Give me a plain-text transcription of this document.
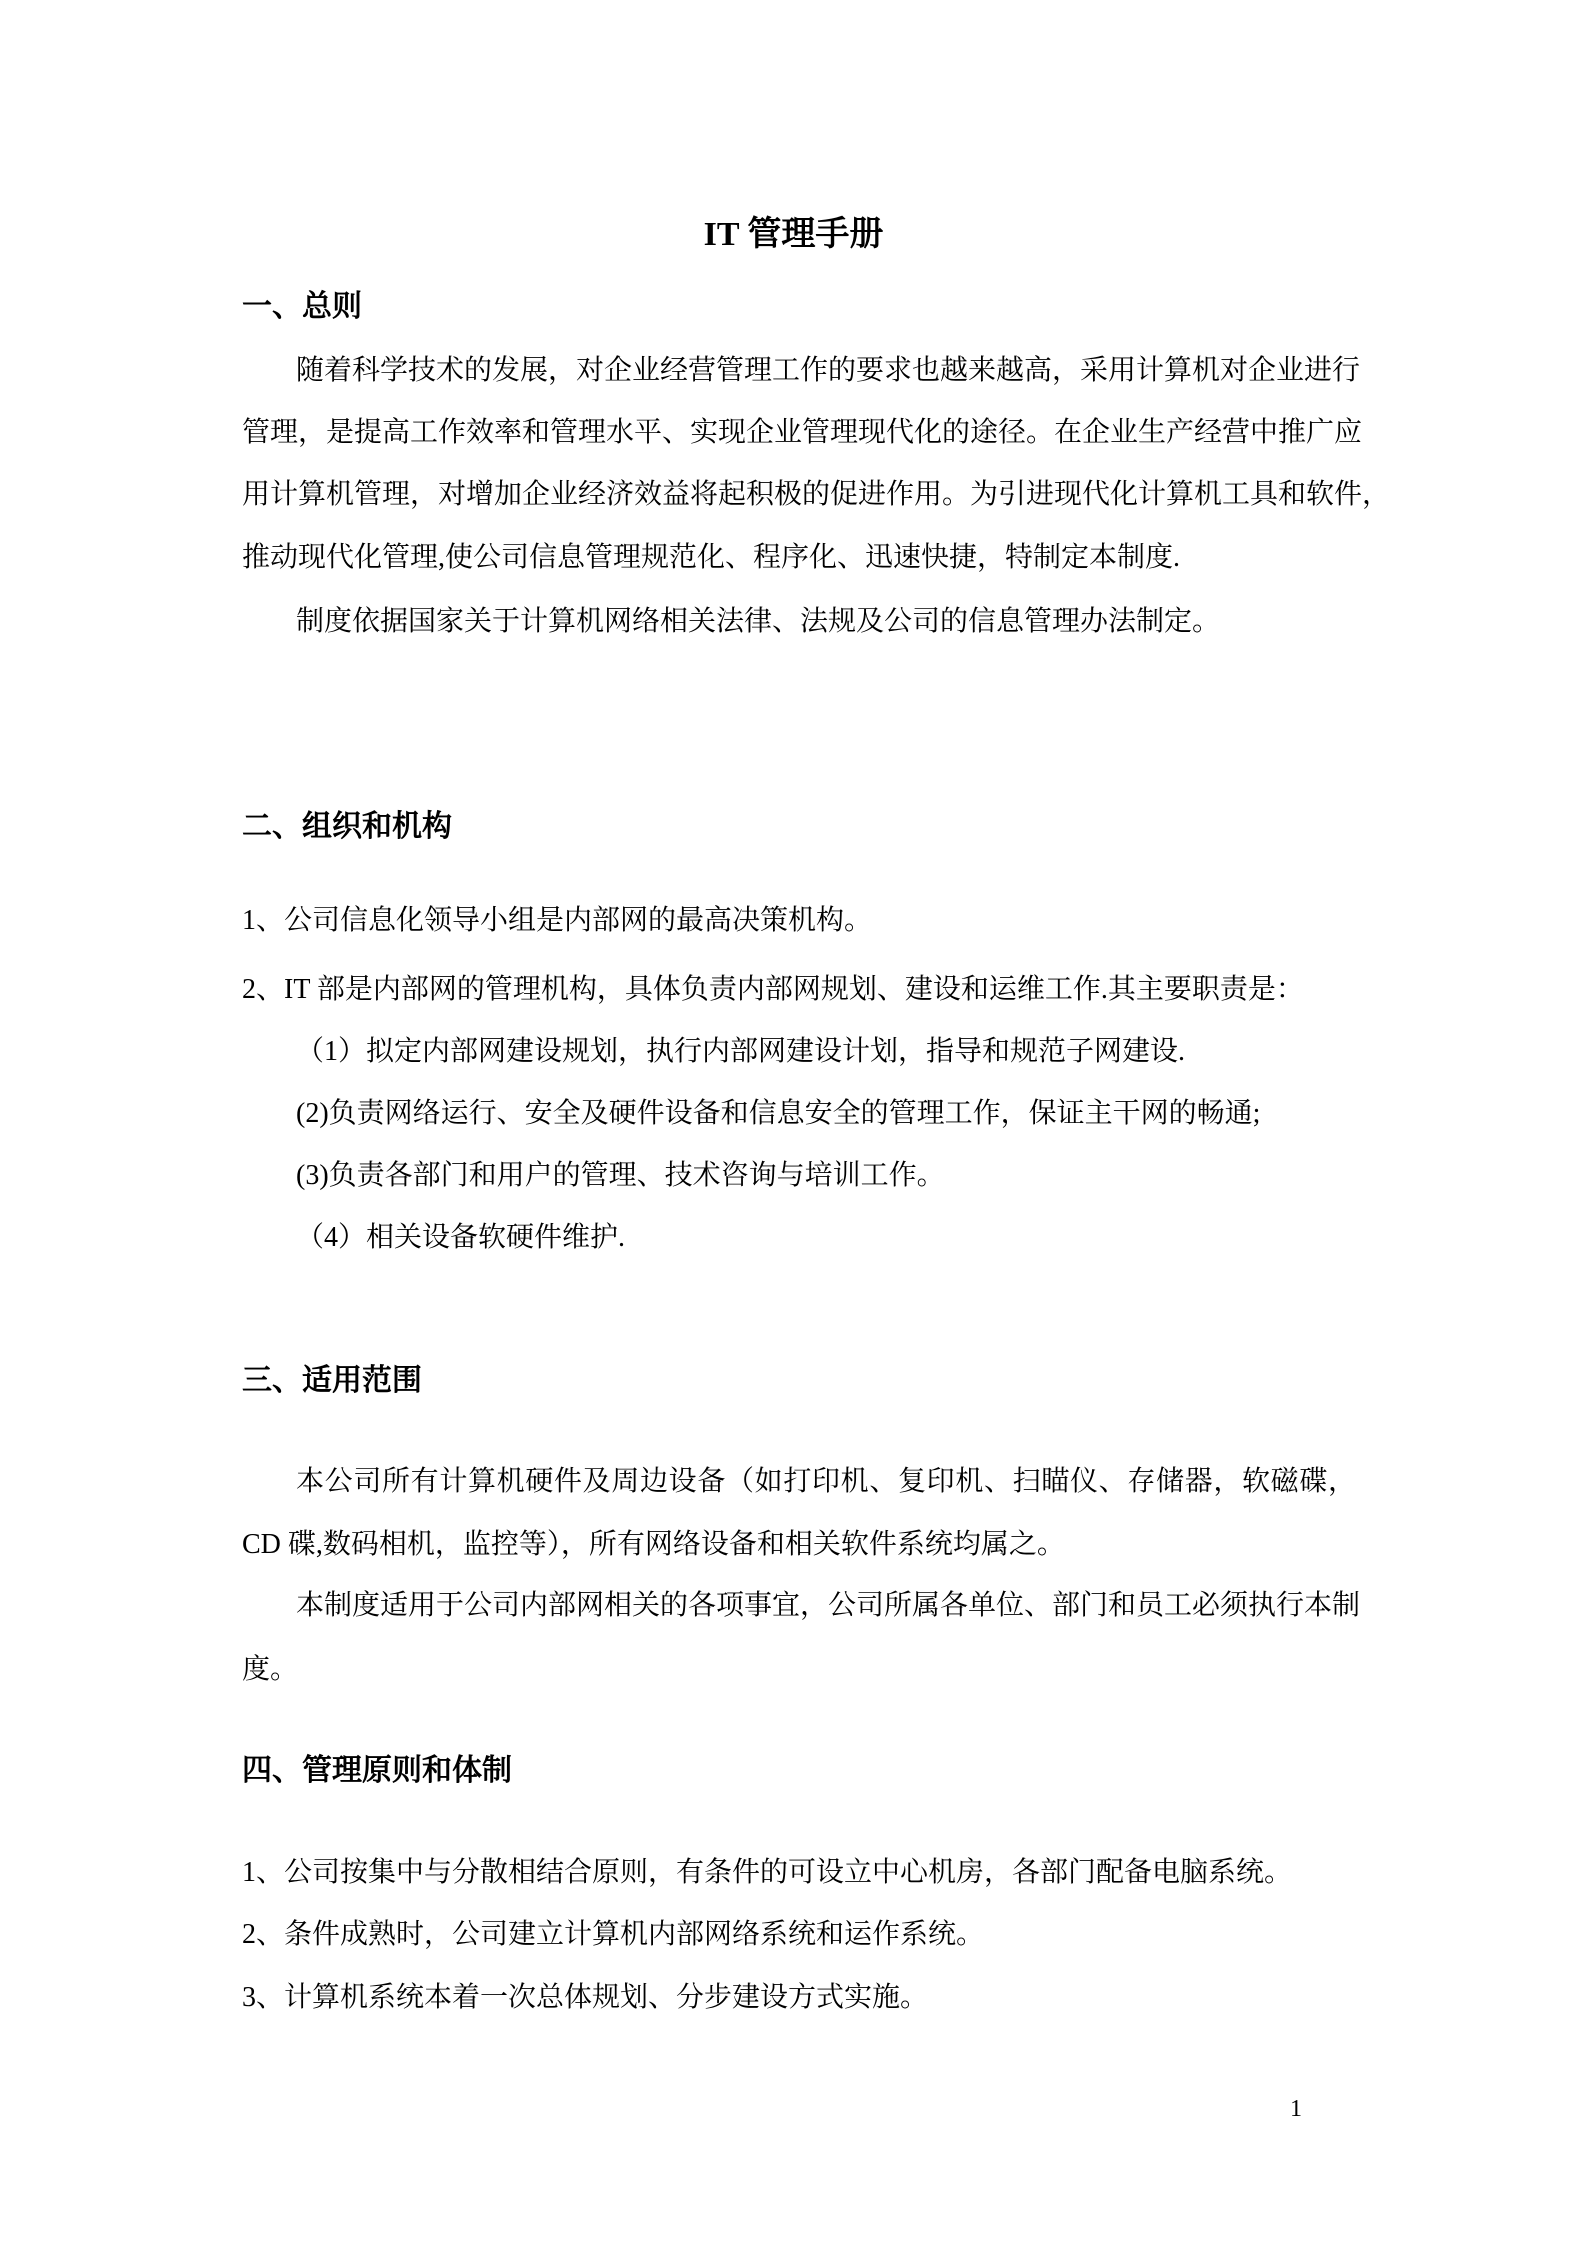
IT 管理手册
一、总则
随着科学技术的发展，对企业经营管理工作的要求也越来越高，采用计算机对企业进行
管理，是提高工作效率和管理水平、实现企业管理现代化的途径。在企业生产经营中推广应
用计算机管理，对增加企业经济效益将起积极的促进作用。为引进现代化计算机工具和软件，
推动现代化管理,使公司信息管理规范化、程序化、迅速快捷，特制定本制度.
制度依据国家关于计算机网络相关法律、法规及公司的信息管理办法制定。
二、组织和机构
1、公司信息化领导小组是内部网的最高决策机构。
2、IT 部是内部网的管理机构，具体负责内部网规划、建设和运维工作.其主要职责是：
（1）拟定内部网建设规划，执行内部网建设计划，指导和规范子网建设.
(2)负责网络运行、安全及硬件设备和信息安全的管理工作，保证主干网的畅通;
(3)负责各部门和用户的管理、技术咨询与培训工作。
（4）相关设备软硬件维护.
三、适用范围
本公司所有计算机硬件及周边设备（如打印机、复印机、扫瞄仪、存储器，软磁碟，
CD 碟,数码相机，监控等），所有网络设备和相关软件系统均属之。
本制度适用于公司内部网相关的各项事宜，公司所属各单位、部门和员工必须执行本制
度。
四、管理原则和体制
1、公司按集中与分散相结合原则，有条件的可设立中心机房，各部门配备电脑系统。
2、条件成熟时，公司建立计算机内部网络系统和运作系统。
3、计算机系统本着一次总体规划、分步建设方式实施。
1
